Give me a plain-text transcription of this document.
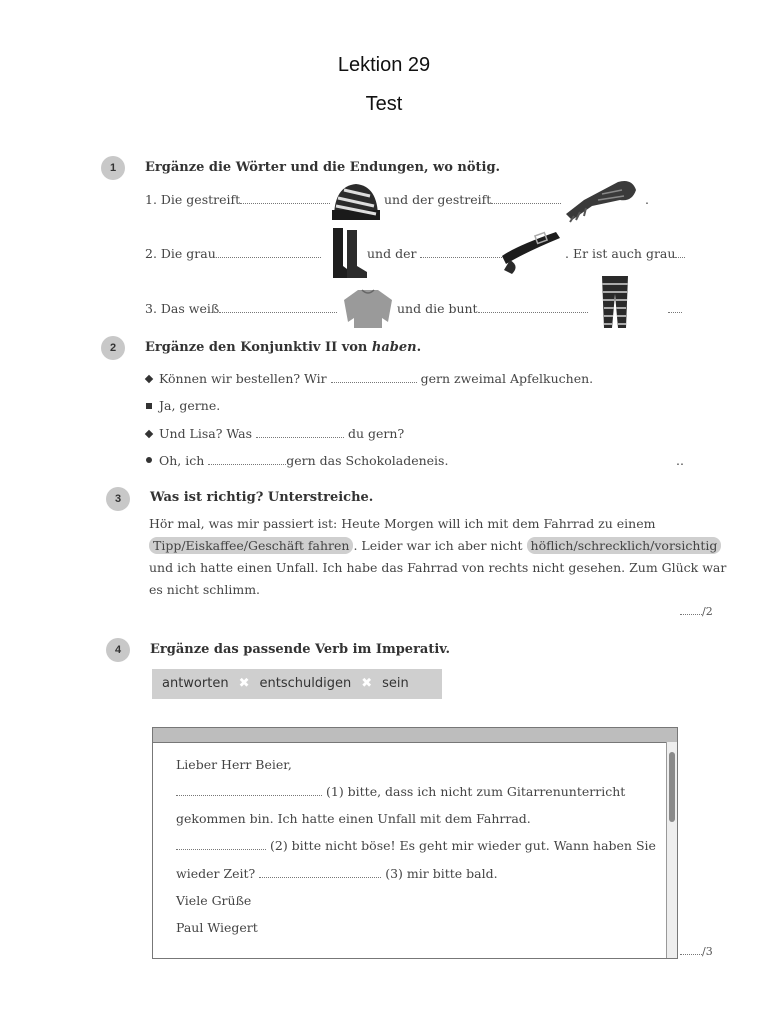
Lektion 29
Test
1	Ergänze die Wörter und die Endungen, wo nötig.
1. Die gestreift	und der gestreift	.
2. Die grau	und der	. Er ist auch grau
3. Das weiß	und die bunt
2	Ergänze den Konjunktiv II von haben.
Können wir bestellen? Wir	gern zweimal Apfelkuchen.
Ja, gerne.
Und Lisa? Was	du gern?
Oh, ich	gern das Schokoladeneis.	..
3	Was ist richtig? Unterstreiche.
Hör mal, was mir passiert ist: Heute Morgen will ich mit dem Fahrrad zu einem
Tipp/Eiskaffee/Geschäft fahren . Leider war ich aber nicht höflich/schrecklich/vorsichtig
und ich hatte einen Unfall. Ich habe das Fahrrad von rechts nicht gesehen. Zum Glück war
es nicht schlimm.
/2
4	Ergänze das passende Verb im Imperativ.
antworten ✖ entschuldigen ✖ sein
Lieber Herr Beier,
(1) bitte, dass ich nicht zum Gitarrenunterricht
gekommen bin. Ich hatte einen Unfall mit dem Fahrrad.
(2) bitte nicht böse! Es geht mir wieder gut. Wann haben Sie
wieder Zeit?	(3) mir bitte bald.
Viele Grüße
Paul Wiegert
/3
